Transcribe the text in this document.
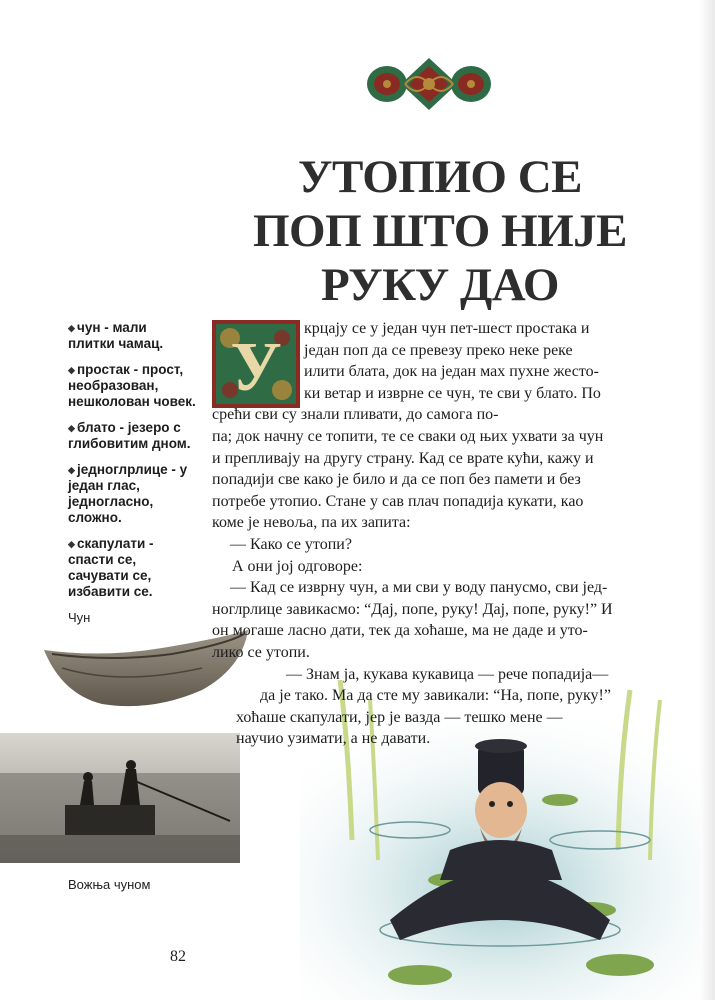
УТОПИО СЕ
ПОП ШТО НИЈЕ
РУКУ ДАО
◆ чун - мали плитки чамац.
◆ простак - прост, необразован, нешколован човек.
◆ блато - језеро с глибовитим дном.
◆ једноглрлице - у један глас, једногласно, сложно.
◆ скапулати - спасти се, сачувати се, избавити се.
Чун
Вожња чуном
У
крцају се у један чун пет-шест простака и
један поп да се превезу преко неке реке
илити блата, док на један мах пухне жесто-
ки ветар и изврне се чун, те сви у блато. По
срећи сви су знали пливати, до самога по-
па; док начну се топити, те се сваки од њих ухвати за чун
и препливају на другу страну. Кад се врате кући, кажу и
попадији све како је било и да се поп без памети и без
потребе утопио. Стане у сав плач попадија кукати, као
коме је невоља, па их запита:
— Како се утопи?
А они јој одговоре:
— Кад се изврну чун, а ми сви у воду панусмо, сви јед-
ноглрлице завикасмо: “Дај, попе, руку! Дај, попе, руку!” И
он могаше ласно дати, тек да хоћаше, ма не даде и уто-
лико се утопи.
— Знам ја, кукава кукавица — рече попадија—
да је тако. Ма да сте му завикали: “На, попе, руку!”
хоћаше скапулати, јер је вазда — тешко мене —
научио узимати, а не давати.
82
